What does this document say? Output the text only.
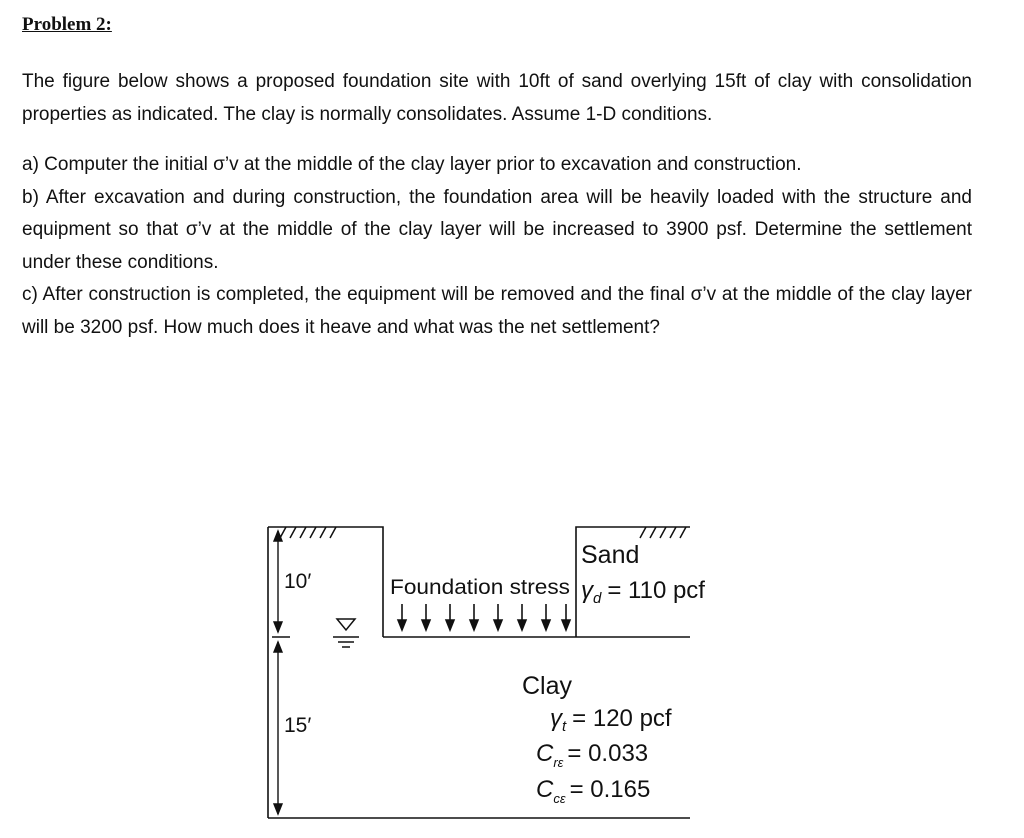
Problem 2:

The figure below shows a proposed foundation site with 10ft of sand overlying 15ft of clay with consolidation properties as indicated. The clay is normally consolidates. Assume 1-D conditions.

a) Computer the initial σ’v at the middle of the clay layer prior to excavation and construction.
b) After excavation and during construction, the foundation area will be heavily loaded with the structure and equipment so that σ’v at the middle of the clay layer will be increased to 3900 psf. Determine the settlement under these conditions.
c) After construction is completed, the equipment will be removed and the final σ’v at the middle of the clay layer will be 3200 psf. How much does it heave and what was the net settlement?
10′
15′
Foundation stress
Sand
$\gamma_d = 110$ pcf
Clay
$\gamma_t = 120$ pcf
$C_{r\varepsilon} = 0.033$
$C_{c\varepsilon} = 0.165$
